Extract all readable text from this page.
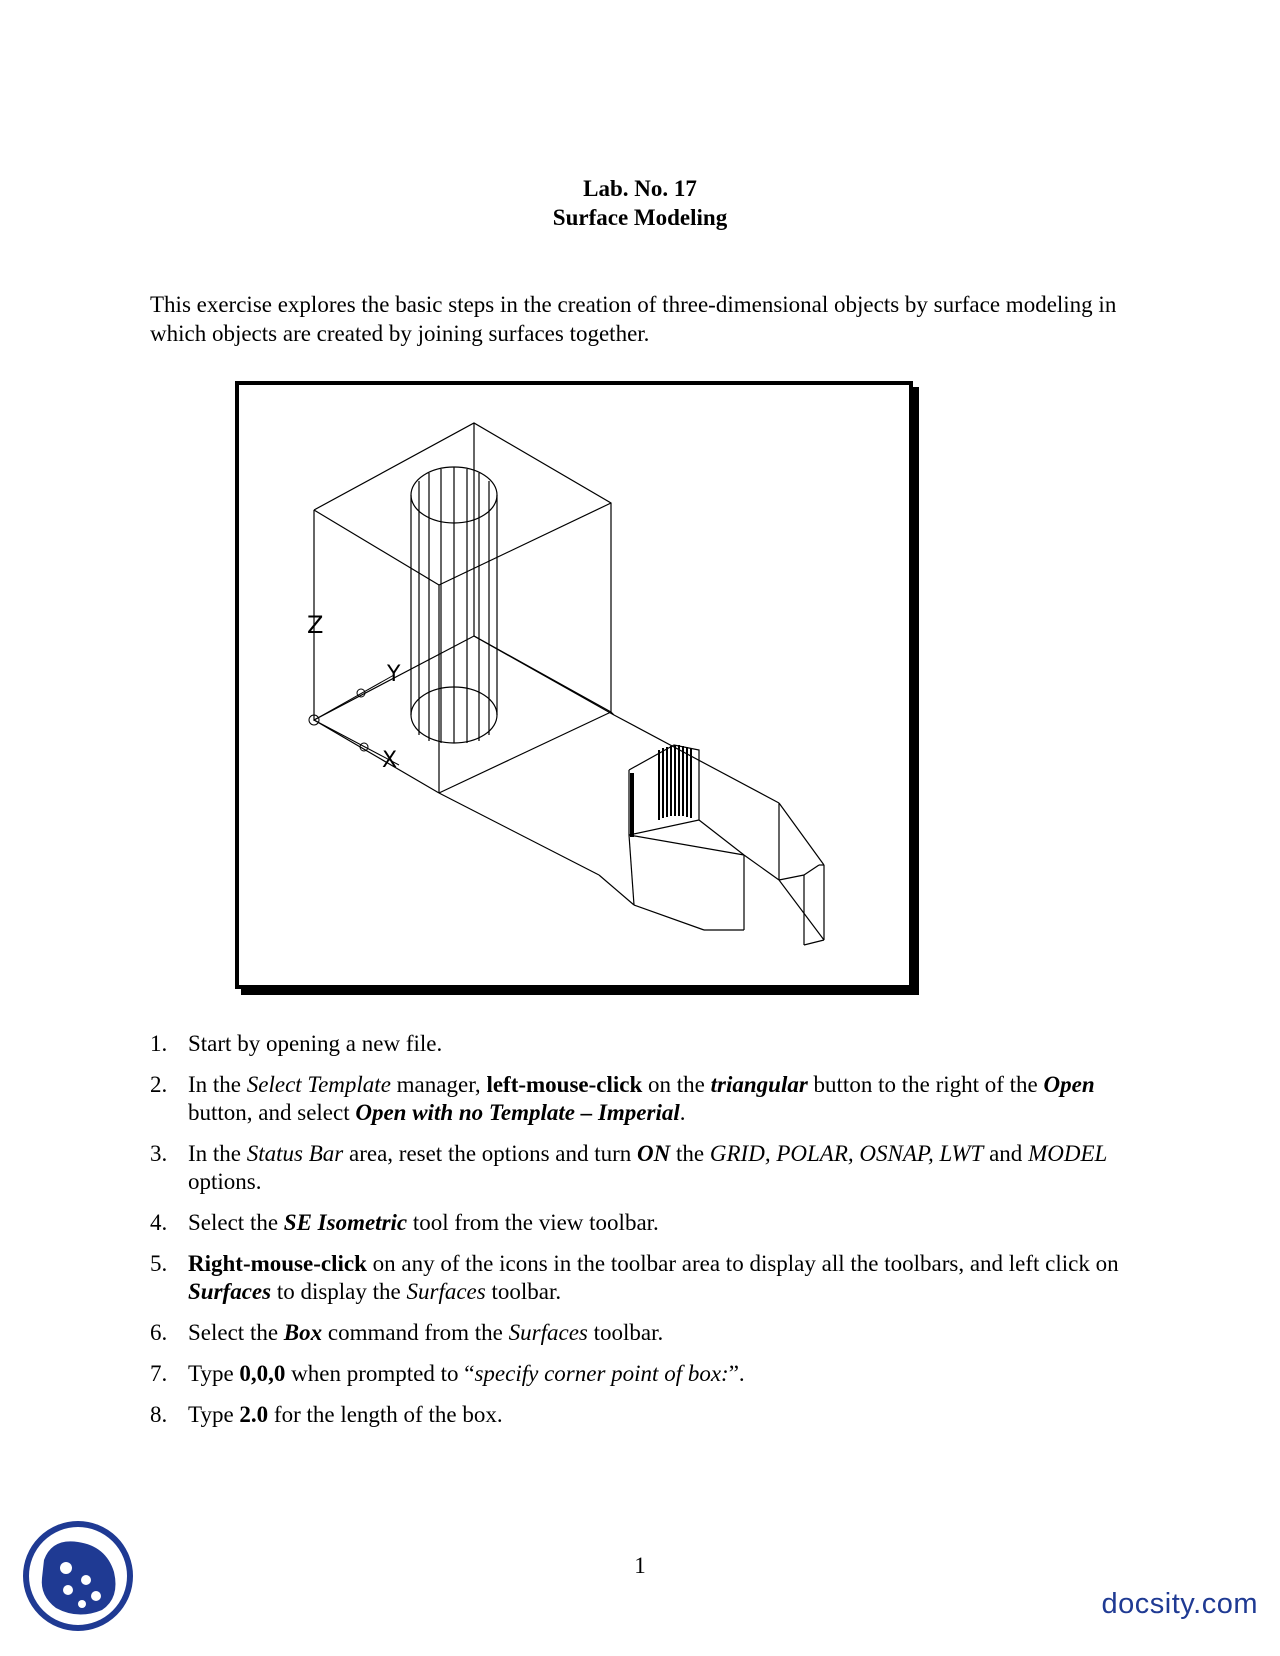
Lab. No. 17
Surface Modeling
This exercise explores the basic steps in the creation of three-dimensional objects by surface modeling in which objects are created by joining surfaces together.
Z
Y
X
1. Start by opening a new file.
2. In the Select Template manager, left-mouse-click on the triangular button to the right of the Open button, and select Open with no Template – Imperial.
3. In the Status Bar area, reset the options and turn ON the GRID, POLAR, OSNAP, LWT and MODEL options.
4. Select the SE Isometric tool from the view toolbar.
5. Right-mouse-click on any of the icons in the toolbar area to display all the toolbars, and left click on Surfaces to display the Surfaces toolbar.
6. Select the Box command from the Surfaces toolbar.
7. Type 0,0,0 when prompted to “specify corner point of box:”.
8. Type 2.0 for the length of the box.
1
docsity.com
